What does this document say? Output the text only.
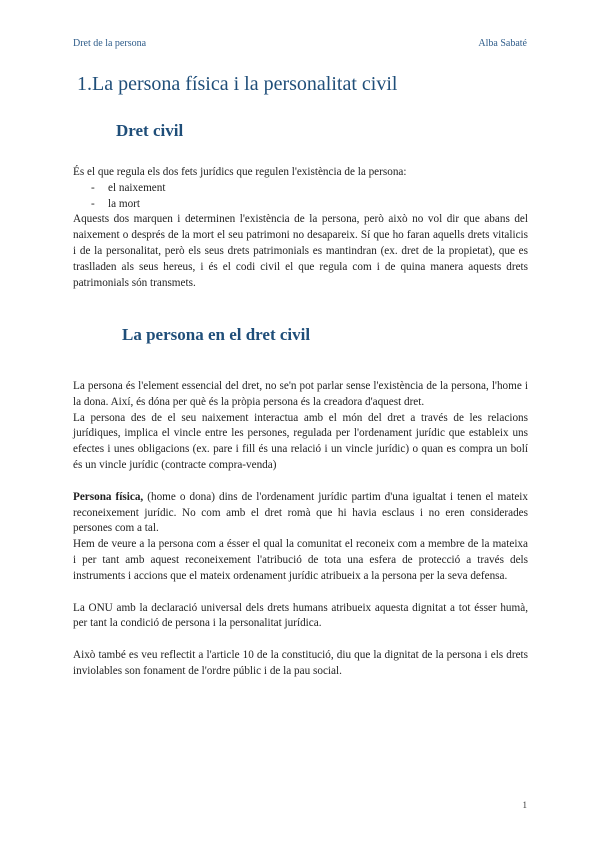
Dret de la persona	Alba Sabaté
1.La persona física i la personalitat civil
Dret civil

És el que regula els dos fets jurídics que regulen l'existència de la persona:

- el naixement
- la mort

Aquests dos marquen i determinen l'existència de la persona, però això no vol dir que abans del naixement o després de la mort el seu patrimoni no desapareix. Sí que ho faran aquells drets vitalicis i de la personalitat, però els seus drets patrimonials es mantindran (ex. dret de la propietat), que es traslladen als seus hereus, i és el codi civil el que regula com i de quina manera aquests drets patrimonials són transmets.

La persona en el dret civil

La persona és l'element essencial del dret, no se'n pot parlar sense l'existència de la persona, l'home i la dona. Així, és dóna per què és la pròpia persona és la creadora d'aquest dret.

La persona des de el seu naixement interactua amb el món del dret a través de les relacions jurídiques, implica el vincle entre les persones, regulada per l'ordenament jurídic que estableix uns efectes i unes obligacions (ex. pare i fill és una relació i un vincle jurídic) o quan es compra un bolí és un vincle jurídic (contracte compra-venda)

Persona física, (home o dona) dins de l'ordenament jurídic partim d'una igualtat i tenen el mateix reconeixement jurídic. No com amb el dret romà que hi havia esclaus i no eren considerades persones com a tal.

Hem de veure a la persona com a ésser el qual la comunitat el reconeix com a membre de la mateixa i per tant amb aquest reconeixement l'atribució de tota una esfera de protecció a través dels instruments i accions que el mateix ordenament jurídic atribueix a la persona per la seva defensa.

La ONU amb la declaració universal dels drets humans atribueix aquesta dignitat a tot ésser humà, per tant la condició de persona i la personalitat jurídica.

Això també es veu reflectit a l'article 10 de la constitució, diu que la dignitat de la persona i els drets inviolables son fonament de l'ordre públic i de la pau social.

1
